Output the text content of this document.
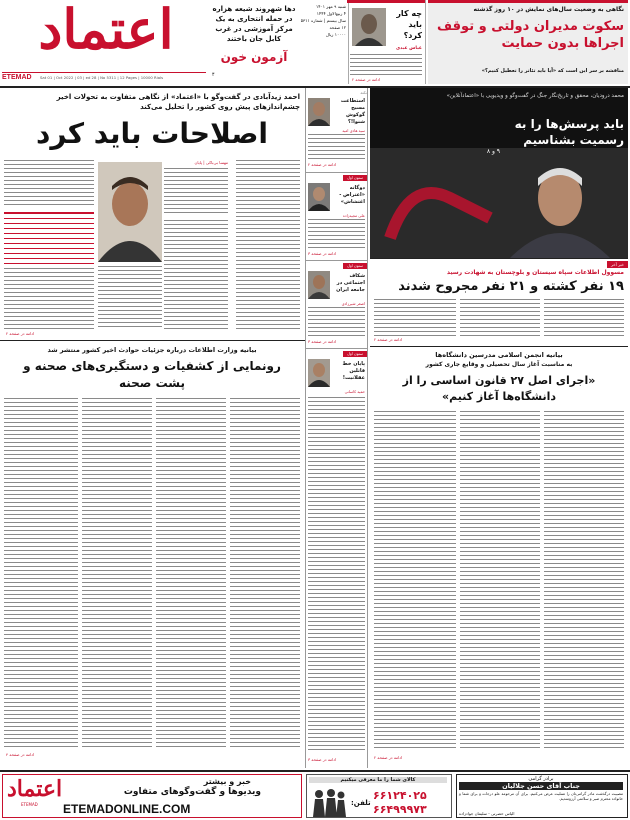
اعتماد
ETEMAD Sat 01 | Oct 2022 | 03 | ed 28 | No 5311 | 12 Pages | 10000 Rials
دها شهروند شیعه هزاره در حمله انتحاری به یک مرکز آموزشی در غرب کابل جان باختند
آزمون خون
۴
شنبه ۹ مهر ۱۴۰۱
۴ ربیع‌الاول ۱۴۴۴
سال بیستم | شماره ۵۳۱۱
۱۲ صفحه
۱۰۰۰۰ ریال
چه کار باید کرد؟
عباس عبدی
ادامه در صفحه ۲
نگاهی به وضعیت سال‌های نمایش در ۱۰ روز گذشته
سکوت مدیران دولتی و توقف اجراها بدون حمایت
مناقشه بر سر این است که «آیا باید تئاتر را تعطیل کنیم؟»
احمد زیدآبادی در گفت‌وگو با «اعتماد» از نگاهی متفاوت به تحولات اخیر
چشم‌اندازهای پیش روی کشور را تحلیل می‌کند
اصلاحات باید کرد
مهسا بی‌باکی | پایان
ادامه در صفحه ۲
نکته
استطاعت مسیح گوکوش شنوا!؟
سید هادی امید
ادامه در صفحه ۲
ستون اول
دوگانه «اعتراض - اغتشاش»
علی مجیدزاده
ادامه در صفحه ۳
ستون اول
شکاف اجتماعی در جامعه ایران
اصغر شیرزادی
ادامه در صفحه ۳
ستون اول
پایان خط قاتلین عقلانیت!
حمید کاسانی
ادامه در صفحه ۳
محمد درودیان، محقق و تاریخ‌نگار جنگ در گفت‌وگو و ویدیویی با «اعتماد‌آنلاین»
باید پرسش‌ها را به رسمیت بشناسیم
۹ و ۸
خبر آخر
مسوول اطلاعات سپاه سیستان و بلوچستان به شهادت رسید
۱۹ نفر کشته و ۲۱ نفر مجروح شدند
ادامه در صفحه ۲
بیانیه وزارت اطلاعات درباره جزئیات حوادث اخیر کشور منتشر شد
رونمایی از کشفیات و دستگیری‌های صحنه و پشت صحنه
ادامه در صفحه ۴
بیانیه انجمن اسلامی مدرسین دانشگاه‌ها
به مناسبت آغاز سال تحصیلی و وقایع جاری کشور
«اجرای اصل ۲۷ قانون اساسی را از دانشگاه‌ها آغاز کنیم»
ادامه در صفحه ۲
اعتماد
ETEMAD
خبر و بیشتر
ویدیوها و گفت‌وگوهای متفاوت
ETEMADONLINE.COM
کالای شما را ما معرفی میکنیم
تلفن:
۶۶۱۲۴۰۲۵
۶۶۴۹۹۹۷۳
برادر گرامی
جناب آقای حسن جلالیان
مصیبت درگذشت مادر گرامی‌تان را تسلیت عرض می‌کنیم. برای آن مرحومه علو درجات و برای شما و خانواده محترم صبر و سلامتی آرزومندیم.
الیاس حضرتی - سلیمان جوادزاده
